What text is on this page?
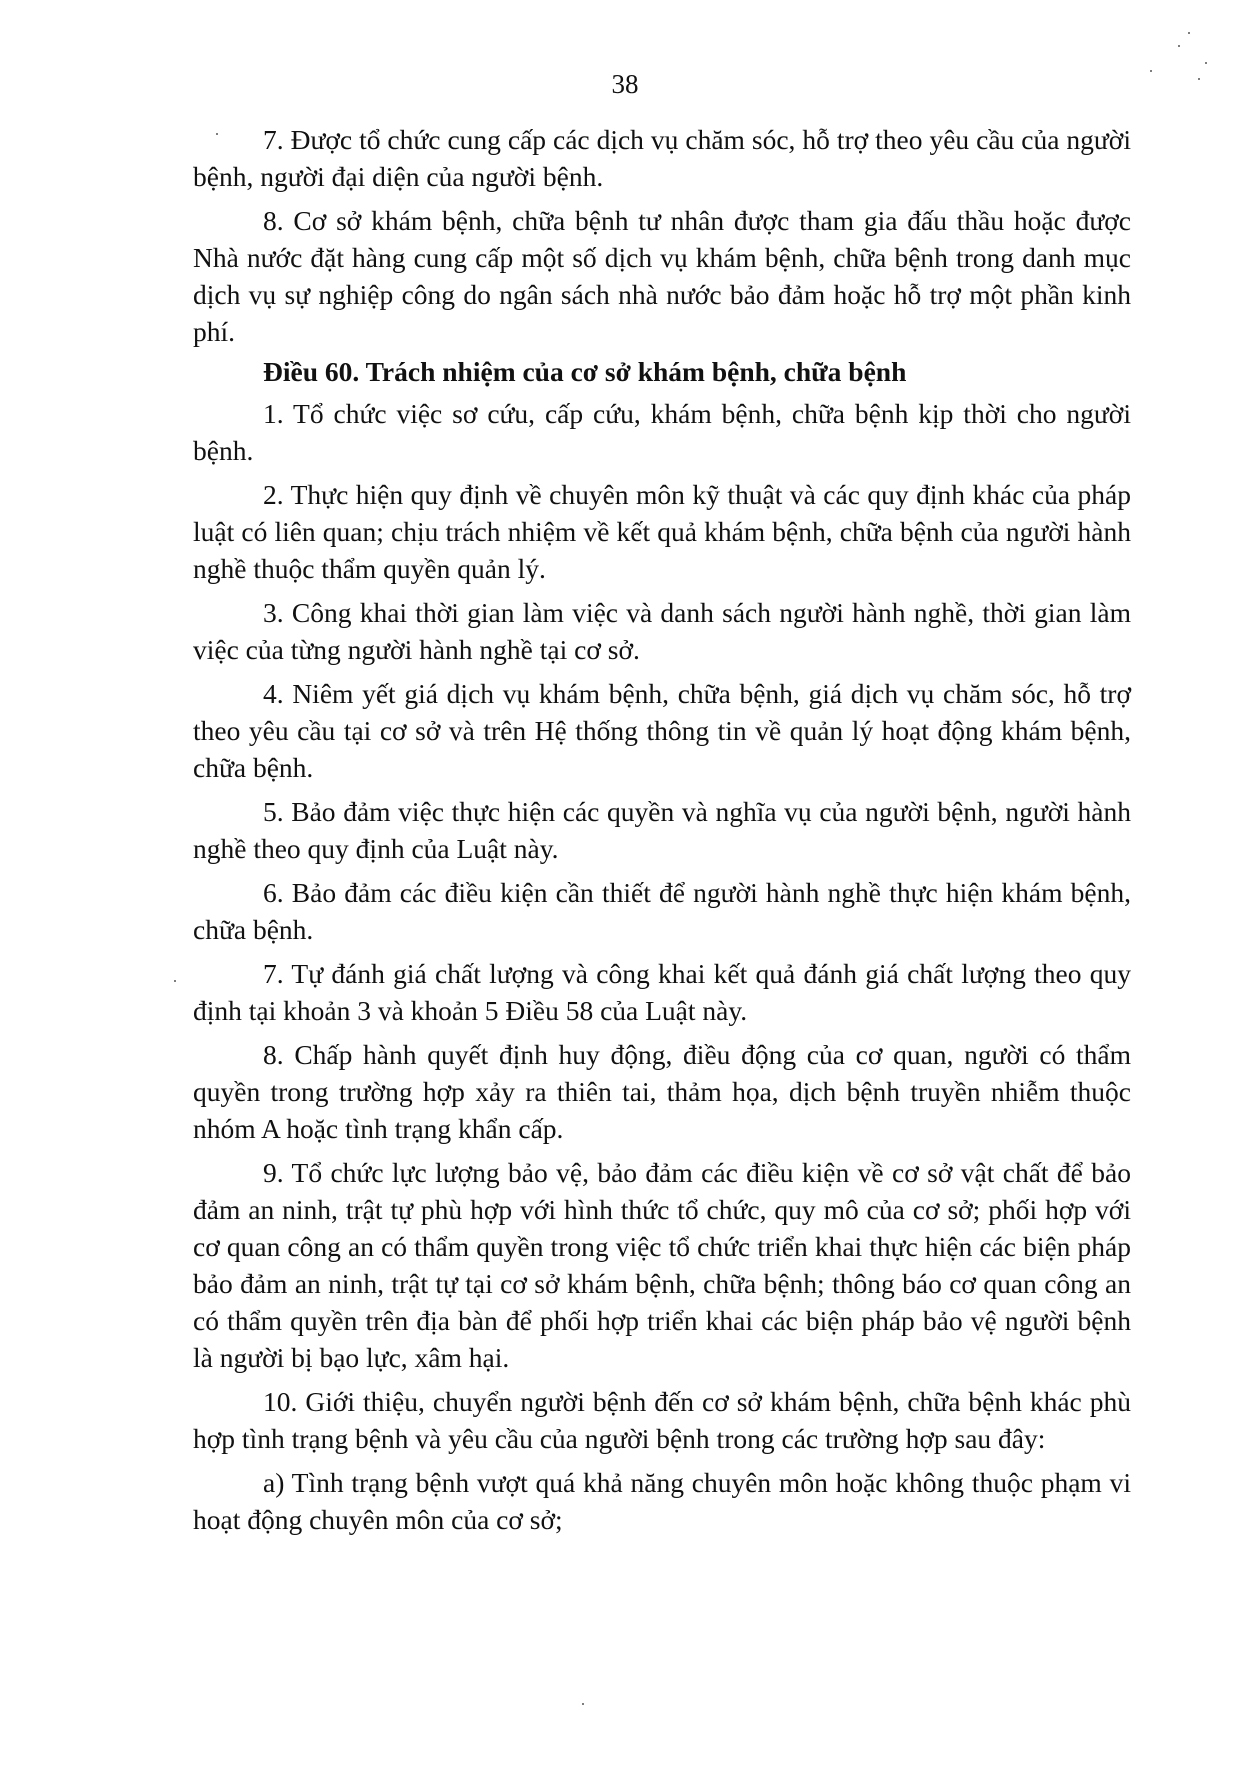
38

7. Được tổ chức cung cấp các dịch vụ chăm sóc, hỗ trợ theo yêu cầu của người bệnh, người đại diện của người bệnh.

8. Cơ sở khám bệnh, chữa bệnh tư nhân được tham gia đấu thầu hoặc được Nhà nước đặt hàng cung cấp một số dịch vụ khám bệnh, chữa bệnh trong danh mục dịch vụ sự nghiệp công do ngân sách nhà nước bảo đảm hoặc hỗ trợ một phần kinh phí.

Điều 60. Trách nhiệm của cơ sở khám bệnh, chữa bệnh

1. Tổ chức việc sơ cứu, cấp cứu, khám bệnh, chữa bệnh kịp thời cho người bệnh.

2. Thực hiện quy định về chuyên môn kỹ thuật và các quy định khác của pháp luật có liên quan; chịu trách nhiệm về kết quả khám bệnh, chữa bệnh của người hành nghề thuộc thẩm quyền quản lý.

3. Công khai thời gian làm việc và danh sách người hành nghề, thời gian làm việc của từng người hành nghề tại cơ sở.

4. Niêm yết giá dịch vụ khám bệnh, chữa bệnh, giá dịch vụ chăm sóc, hỗ trợ theo yêu cầu tại cơ sở và trên Hệ thống thông tin về quản lý hoạt động khám bệnh, chữa bệnh.

5. Bảo đảm việc thực hiện các quyền và nghĩa vụ của người bệnh, người hành nghề theo quy định của Luật này.

6. Bảo đảm các điều kiện cần thiết để người hành nghề thực hiện khám bệnh, chữa bệnh.

7. Tự đánh giá chất lượng và công khai kết quả đánh giá chất lượng theo quy định tại khoản 3 và khoản 5 Điều 58 của Luật này.

8. Chấp hành quyết định huy động, điều động của cơ quan, người có thẩm quyền trong trường hợp xảy ra thiên tai, thảm họa, dịch bệnh truyền nhiễm thuộc nhóm A hoặc tình trạng khẩn cấp.

9. Tổ chức lực lượng bảo vệ, bảo đảm các điều kiện về cơ sở vật chất để bảo đảm an ninh, trật tự phù hợp với hình thức tổ chức, quy mô của cơ sở; phối hợp với cơ quan công an có thẩm quyền trong việc tổ chức triển khai thực hiện các biện pháp bảo đảm an ninh, trật tự tại cơ sở khám bệnh, chữa bệnh; thông báo cơ quan công an có thẩm quyền trên địa bàn để phối hợp triển khai các biện pháp bảo vệ người bệnh là người bị bạo lực, xâm hại.

10. Giới thiệu, chuyển người bệnh đến cơ sở khám bệnh, chữa bệnh khác phù hợp tình trạng bệnh và yêu cầu của người bệnh trong các trường hợp sau đây:

a) Tình trạng bệnh vượt quá khả năng chuyên môn hoặc không thuộc phạm vi hoạt động chuyên môn của cơ sở;
